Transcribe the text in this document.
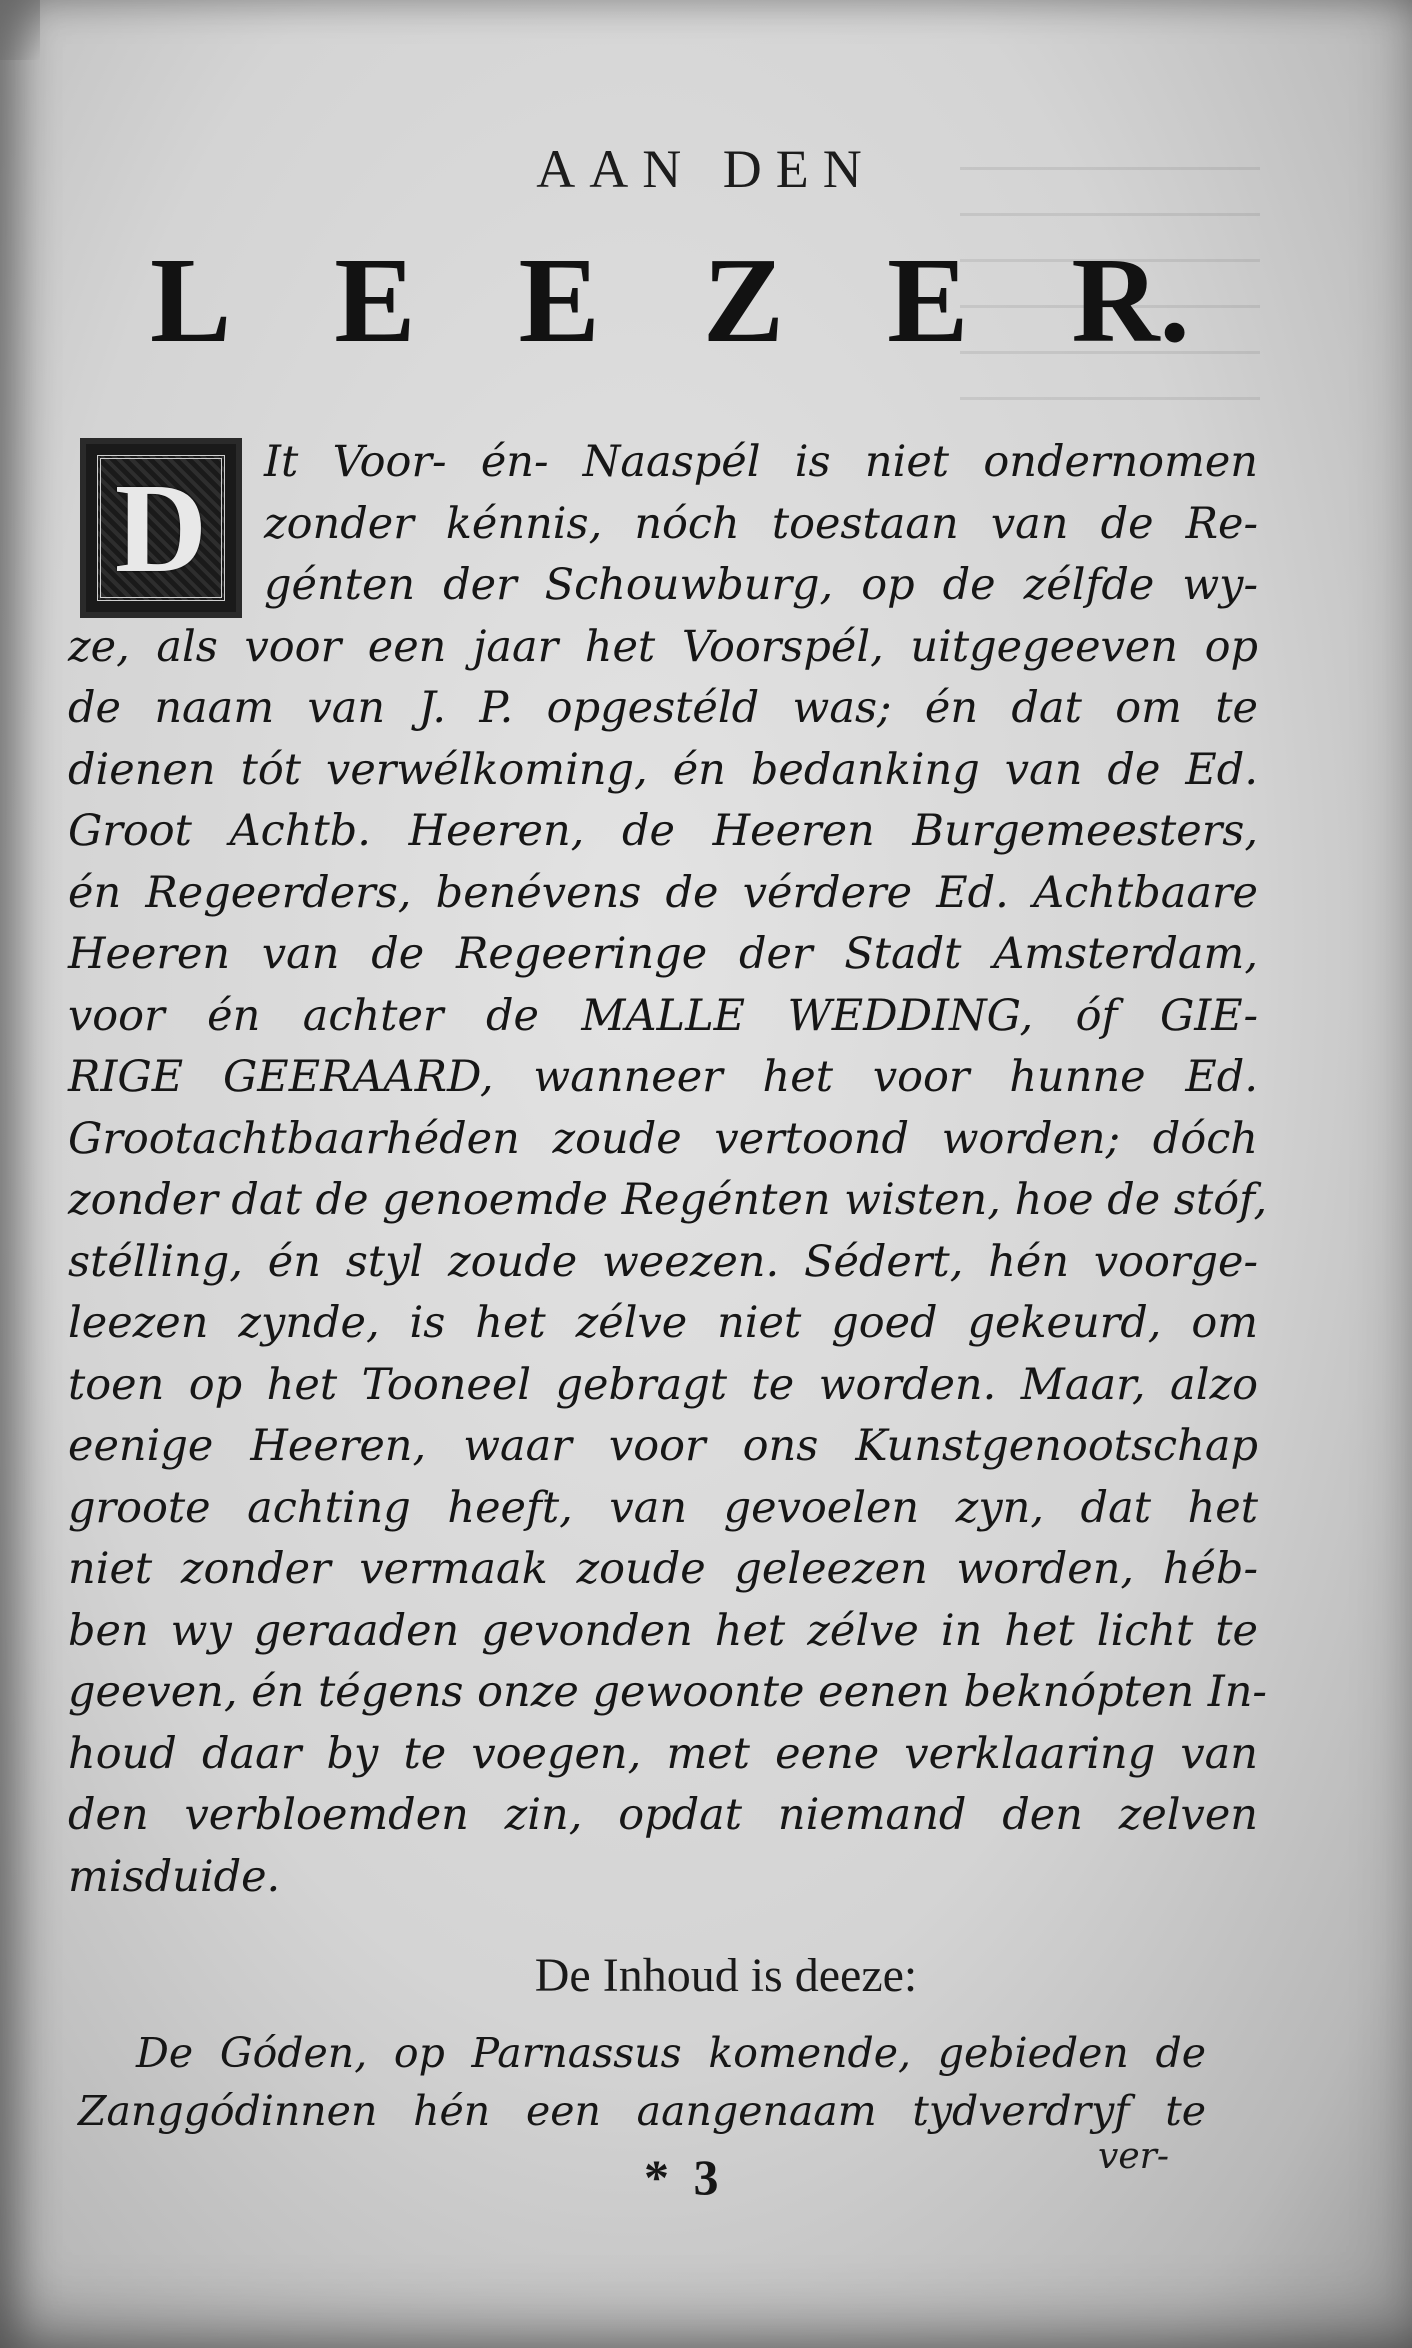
AAN DEN
L E E Z E R.
D	It Voor- én- Naaspél is niet ondernomen
zonder kénnis, nóch toestaan van de Re-
génten der Schouwburg, op de zélfde wy-
ze, als voor een jaar het Voorspél, uitgegeeven op
de naam van J. P. opgestéld was; én dat om te
dienen tót verwélkoming, én bedanking van de Ed.
Groot Achtb. Heeren, de Heeren Burgemeesters,
én Regeerders, benévens de vérdere Ed. Achtbaare
Heeren van de Regeeringe der Stadt Amsterdam,
voor én achter de MALLE WEDDING, óf GIE-
RIGE GEERAARD, wanneer het voor hunne Ed.
Grootachtbaarhéden zoude vertoond worden; dóch
zonder dat de genoemde Regénten wisten, hoe de stóf,
stélling, én styl zoude weezen. Sédert, hén voorge-
leezen zynde, is het zélve niet goed gekeurd, om
toen op het Tooneel gebragt te worden. Maar, alzo
eenige Heeren, waar voor ons Kunstgenootschap
groote achting heeft, van gevoelen zyn, dat het
niet zonder vermaak zoude geleezen worden, héb-
ben wy geraaden gevonden het zélve in het licht te
geeven, én tégens onze gewoonte eenen beknópten In-
houd daar by te voegen, met eene verklaaring van
den verbloemden zin, opdat niemand den zelven
misduide.
De Inhoud is deeze:
De Góden, op Parnassus komende, gebieden de
Zanggódinnen hén een aangenaam tydverdryf te
* 3	ver-
